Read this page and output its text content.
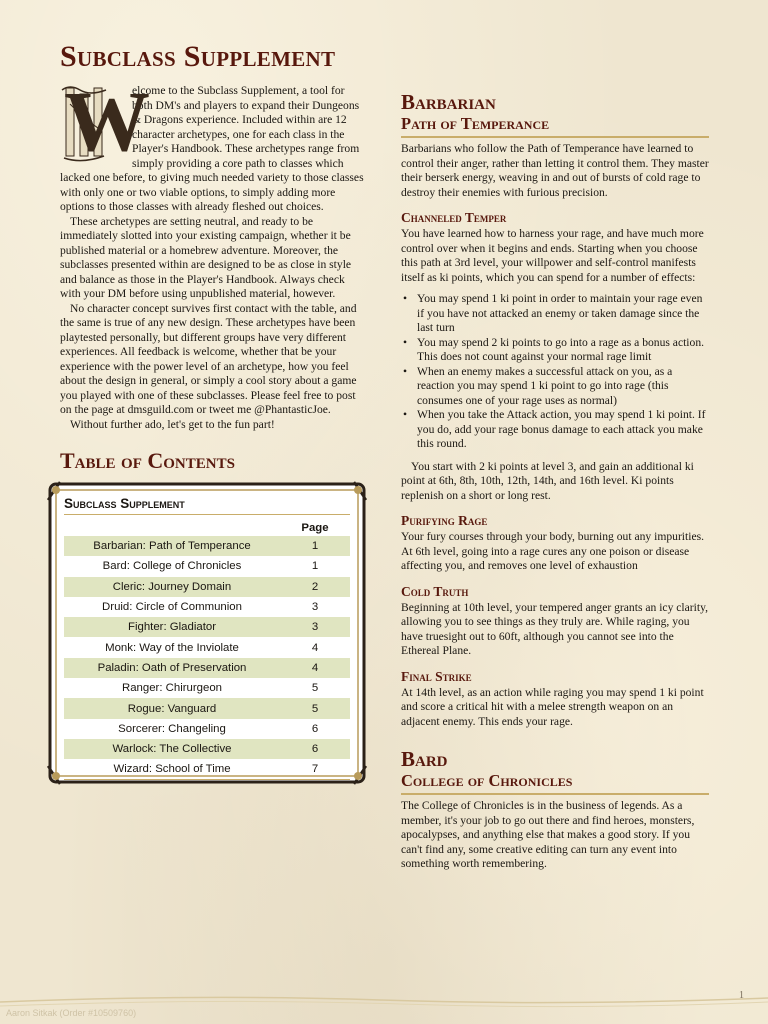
Subclass Supplement
W

elcome to the Subclass Supplement, a tool for both DM's and players to expand their Dungeons & Dragons experience. Included within are 12 character archetypes, one for each class in the Player's Handbook. These archetypes range from simply providing a core path to classes which lacked one before, to giving much needed variety to those classes with only one or two viable options, to simply adding more options to those classes with already fleshed out choices.

These archetypes are setting neutral, and ready to be immediately slotted into your existing campaign, whether it be published material or a homebrew adventure. Moreover, the subclasses presented within are designed to be as close in style and balance as those in the Player's Handbook. Always check with your DM before using unpublished material, however.

No character concept survives first contact with the table, and the same is true of any new design. These archetypes have been playtested personally, but different groups have very different experiences. All feedback is welcome, whether that be your experience with the power level of an archetype, how you feel about the design in general, or simply a cool story about a game you played with one of these subclasses. Please feel free to post on the page at dmsguild.com or tweet me @PhantasticJoe.

Without further ado, let's get to the fun part!

Table of Contents
Subclass Supplement
	Page
Barbarian: Path of Temperance	1
Bard: College of Chronicles	1
Cleric: Journey Domain	2
Druid: Circle of Communion	3
Fighter: Gladiator	3
Monk: Way of the Inviolate	4
Paladin: Oath of Preservation	4
Ranger: Chirurgeon	5
Rogue: Vanguard	5
Sorcerer: Changeling	6
Warlock: The Collective	6
Wizard: School of Time	7
Barbarian
Path of Temperance

Barbarians who follow the Path of Temperance have learned to control their anger, rather than letting it control them. They master their berserk energy, weaving in and out of bursts of cold rage to destroy their enemies with furious precision.

Channeled Temper

You have learned how to harness your rage, and have much more control over when it begins and ends. Starting when you choose this path at 3rd level, your willpower and self-control manifests itself as ki points, which you can spend for a number of effects:

• You may spend 1 ki point in order to maintain your rage even if you have not attacked an enemy or taken damage since the last turn
• You may spend 2 ki points to go into a rage as a bonus action. This does not count against your normal rage limit
• When an enemy makes a successful attack on you, as a reaction you may spend 1 ki point to go into rage (this consumes one of your rage uses as normal)
• When you take the Attack action, you may spend 1 ki point. If you do, add your rage bonus damage to each attack you make this round.

You start with 2 ki points at level 3, and gain an additional ki point at 6th, 8th, 10th, 12th, 14th, and 16th level. Ki points replenish on a short or long rest.

Purifying Rage

Your fury courses through your body, burning out any impurities. At 6th level, going into a rage cures any one poison or disease affecting you, and removes one level of exhaustion

Cold Truth

Beginning at 10th level, your tempered anger grants an icy clarity, allowing you to see things as they truly are. While raging, you have truesight out to 60ft, although you cannot see into the Ethereal Plane.

Final Strike

At 14th level, as an action while raging you may spend 1 ki point and score a critical hit with a melee strength weapon on an adjacent enemy. This ends your rage.

Bard
College of Chronicles

The College of Chronicles is in the business of legends. As a member, it's your job to go out there and find heroes, monsters, apocalypses, and anything else that makes a good story. If you can't find any, some creative editing can turn any event into something worth remembering.

1
Aaron Sitkak (Order #10509760)
